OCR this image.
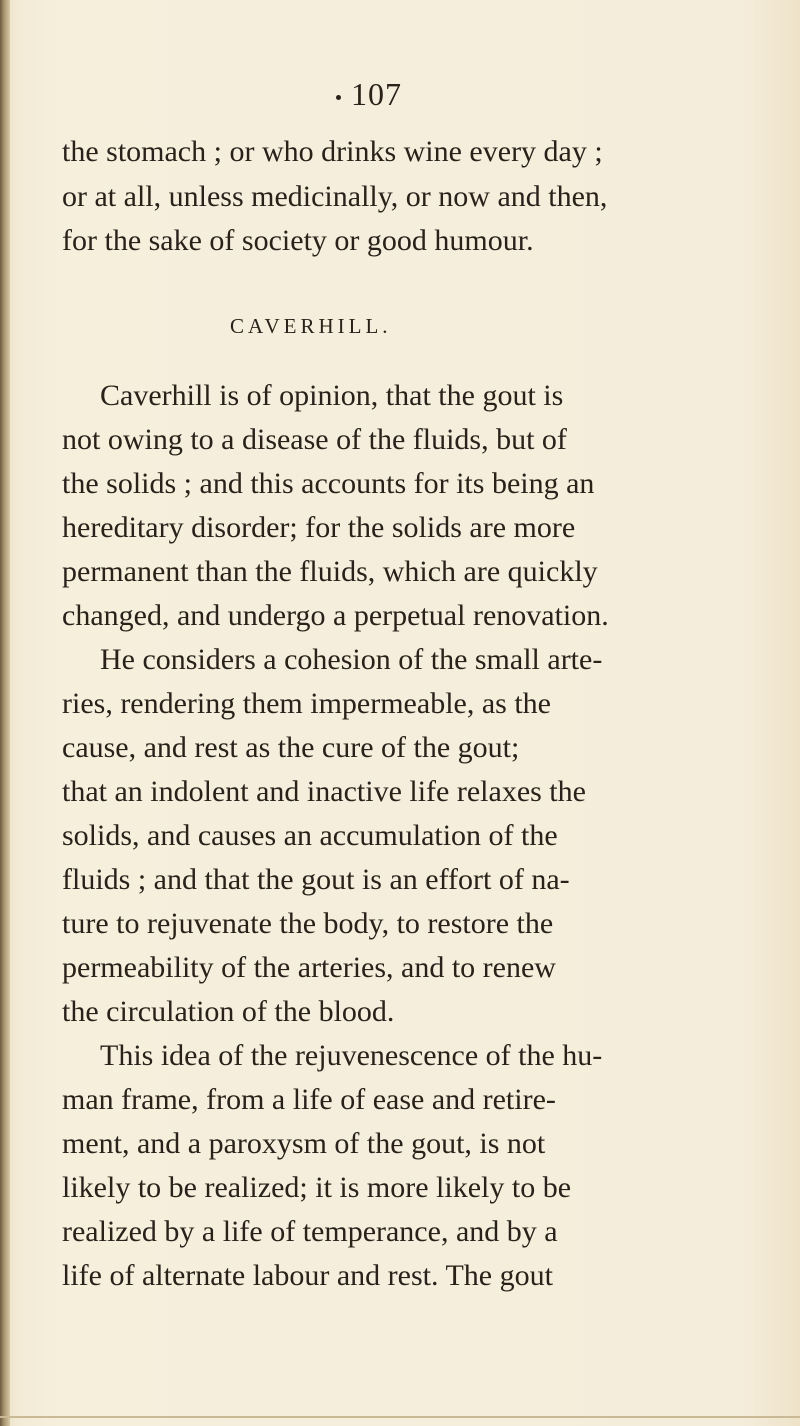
107
the stomach ; or who drinks wine every day ;
or at all, unless medicinally, or now and then,
for the sake of society or good humour.
CAVERHILL.
Caverhill is of opinion, that the gout is
not owing to a disease of the fluids, but of
the solids ; and this accounts for its being an
hereditary disorder; for the solids are more
permanent than the fluids, which are quickly
changed, and undergo a perpetual renovation.
He considers a cohesion of the small arte-
ries, rendering them impermeable, as the
cause, and rest as the cure of the gout;
that an indolent and inactive life relaxes the
solids, and causes an accumulation of the
fluids ; and that the gout is an effort of na-
ture to rejuvenate the body, to restore the
permeability of the arteries, and to renew
the circulation of the blood.
This idea of the rejuvenescence of the hu-
man frame, from a life of ease and retire-
ment, and a paroxysm of the gout, is not
likely to be realized; it is more likely to be
realized by a life of temperance, and by a
life of alternate labour and rest. The gout
